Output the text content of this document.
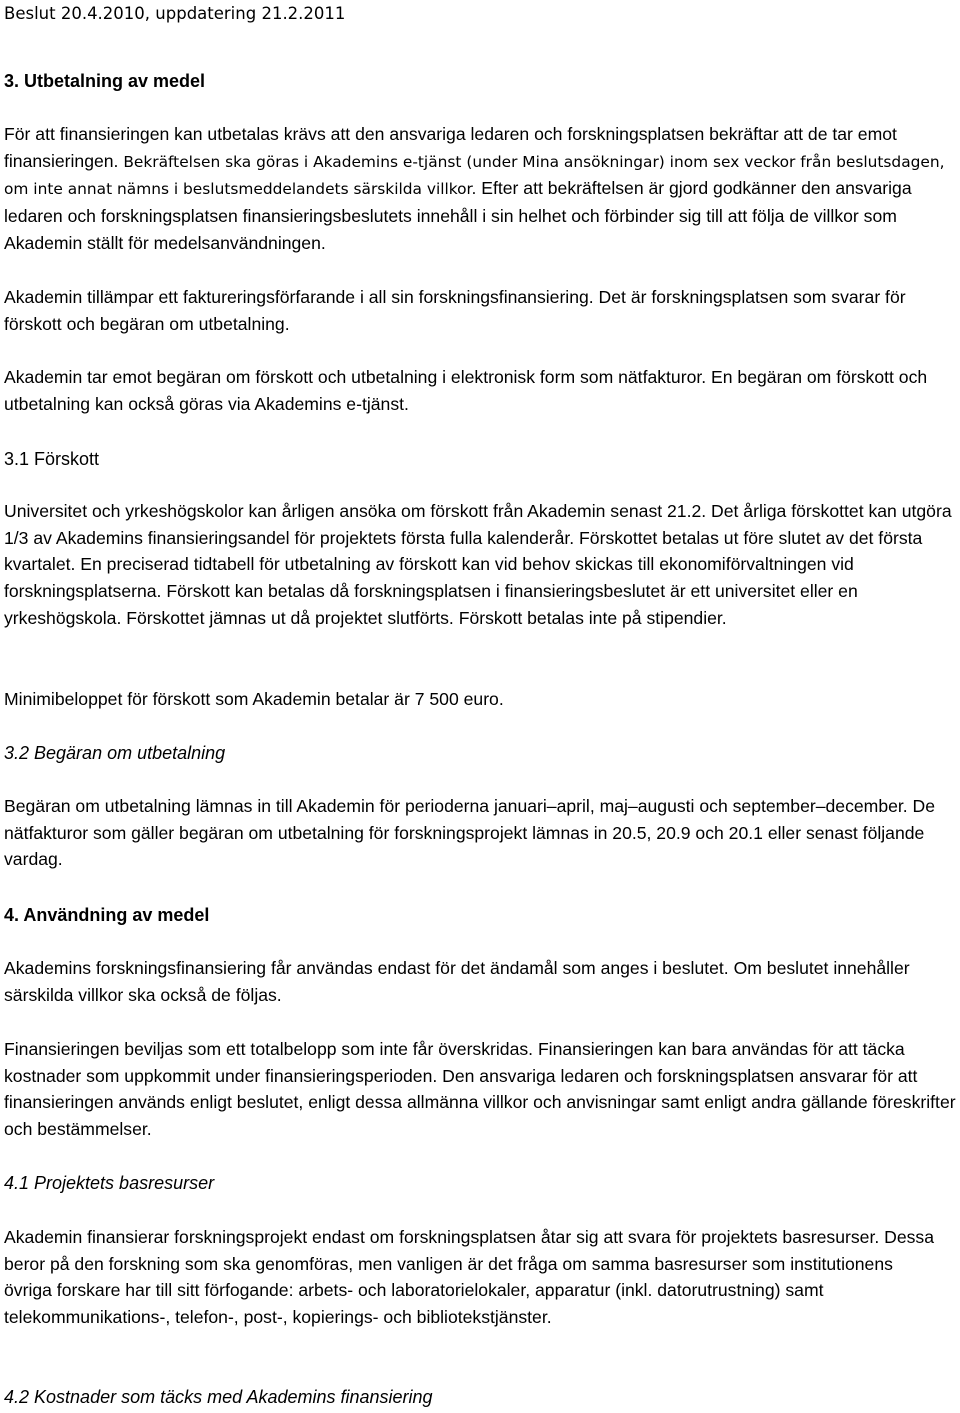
Beslut 20.4.2010, uppdatering 21.2.2011
3. Utbetalning av medel

För att finansieringen kan utbetalas krävs att den ansvariga ledaren och forskningsplatsen bekräftar att de tar emot finansieringen. Bekräftelsen ska göras i Akademins e-tjänst (under Mina ansökningar) inom sex veckor från beslutsdagen, om inte annat nämns i beslutsmeddelandets särskilda villkor. Efter att bekräftelsen är gjord godkänner den ansvariga ledaren och forskningsplatsen finansieringsbeslutets innehåll i sin helhet och förbinder sig till att följa de villkor som Akademin ställt för medelsanvändningen.

Akademin tillämpar ett faktureringsförfarande i all sin forskningsfinansiering. Det är forskningsplatsen som svarar för förskott och begäran om utbetalning.

Akademin tar emot begäran om förskott och utbetalning i elektronisk form som nätfakturor. En begäran om förskott och utbetalning kan också göras via Akademins e-tjänst.

3.1 Förskott

Universitet och yrkeshögskolor kan årligen ansöka om förskott från Akademin senast 21.2. Det årliga förskottet kan utgöra 1/3 av Akademins finansieringsandel för projektets första fulla kalenderår. Förskottet betalas ut före slutet av det första kvartalet. En preciserad tidtabell för utbetalning av förskott kan vid behov skickas till ekonomiförvaltningen vid forskningsplatserna. Förskott kan betalas då forskningsplatsen i finansieringsbeslutet är ett universitet eller en yrkeshögskola. Förskottet jämnas ut då projektet slutförts. Förskott betalas inte på stipendier.

Minimibeloppet för förskott som Akademin betalar är 7 500 euro.

3.2 Begäran om utbetalning

Begäran om utbetalning lämnas in till Akademin för perioderna januari–april, maj–augusti och september–december. De nätfakturor som gäller begäran om utbetalning för forskningsprojekt lämnas in 20.5, 20.9 och 20.1 eller senast följande vardag.

4. Användning av medel

Akademins forskningsfinansiering får användas endast för det ändamål som anges i beslutet. Om beslutet innehåller särskilda villkor ska också de följas.

Finansieringen beviljas som ett totalbelopp som inte får överskridas. Finansieringen kan bara användas för att täcka kostnader som uppkommit under finansieringsperioden. Den ansvariga ledaren och forskningsplatsen ansvarar för att finansieringen används enligt beslutet, enligt dessa allmänna villkor och anvisningar samt enligt andra gällande föreskrifter och bestämmelser.

4.1 Projektets basresurser

Akademin finansierar forskningsprojekt endast om forskningsplatsen åtar sig att svara för projektets basresurser. Dessa beror på den forskning som ska genomföras, men vanligen är det fråga om samma basresurser som institutionens övriga forskare har till sitt förfogande: arbets- och laboratorielokaler, apparatur (inkl. datorutrustning) samt telekommunikations-, telefon-, post-, kopierings- och bibliotekstjänster.

4.2 Kostnader som täcks med Akademins finansiering
